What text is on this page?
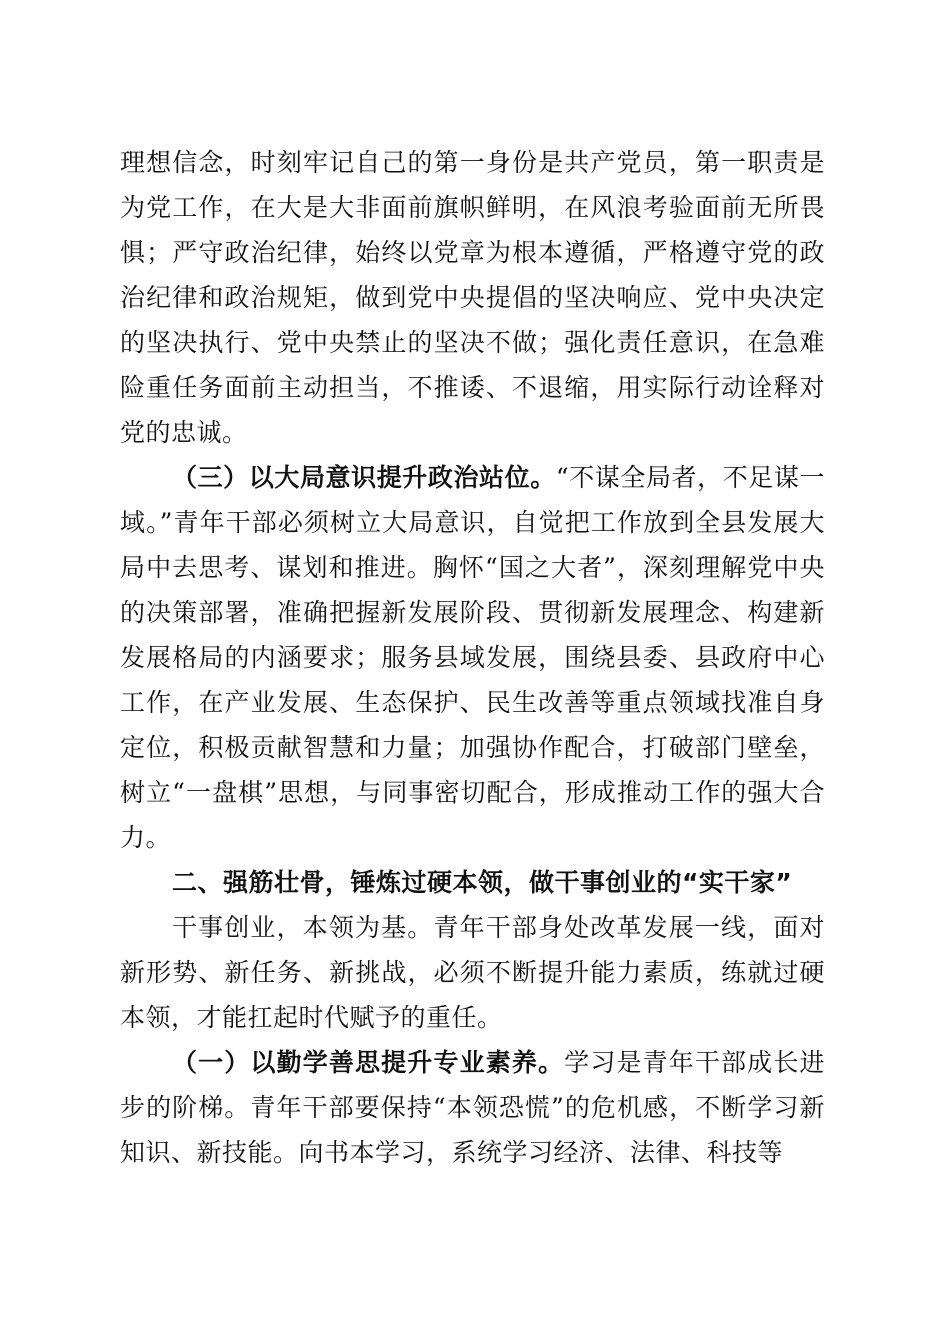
理想信念，时刻牢记自己的第一身份是共产党员，第一职责是为党工作，在大是大非面前旗帜鲜明，在风浪考验面前无所畏惧；严守政治纪律，始终以党章为根本遵循，严格遵守党的政治纪律和政治规矩，做到党中央提倡的坚决响应、党中央决定的坚决执行、党中央禁止的坚决不做；强化责任意识，在急难险重任务面前主动担当，不推诿、不退缩，用实际行动诠释对党的忠诚。

（三）以大局意识提升政治站位。“不谋全局者，不足谋一域。”青年干部必须树立大局意识，自觉把工作放到全县发展大局中去思考、谋划和推进。胸怀“国之大者”，深刻理解党中央的决策部署，准确把握新发展阶段、贯彻新发展理念、构建新发展格局的内涵要求；服务县域发展，围绕县委、县政府中心工作，在产业发展、生态保护、民生改善等重点领域找准自身定位，积极贡献智慧和力量；加强协作配合，打破部门壁垒，树立“一盘棋”思想，与同事密切配合，形成推动工作的强大合力。

二、强筋壮骨，锤炼过硬本领，做干事创业的“实干家”

干事创业，本领为基。青年干部身处改革发展一线，面对新形势、新任务、新挑战，必须不断提升能力素质，练就过硬本领，才能扛起时代赋予的重任。

（一）以勤学善思提升专业素养。学习是青年干部成长进步的阶梯。青年干部要保持“本领恐慌”的危机感，不断学习新知识、新技能。向书本学习，系统学习经济、法律、科技等
